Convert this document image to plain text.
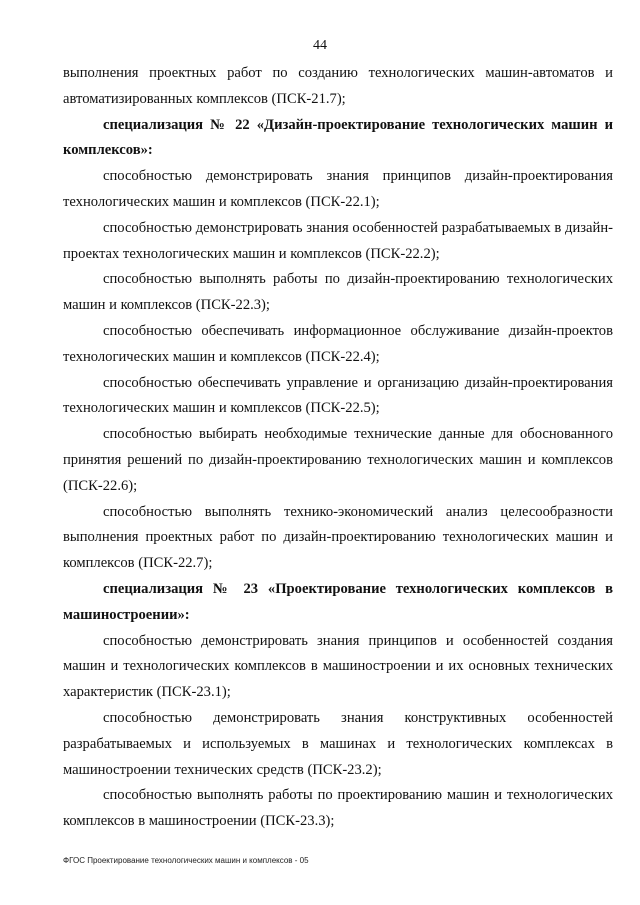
44

выполнения проектных работ по созданию технологических машин-автоматов и автоматизированных комплексов (ПСК-21.7);

специализация № 22 «Дизайн-проектирование технологических машин и комплексов»:

способностью демонстрировать знания принципов дизайн-проектирования технологических машин и комплексов (ПСК-22.1);

способностью демонстрировать знания особенностей разрабатываемых в дизайн-проектах технологических машин и комплексов (ПСК-22.2);

способностью выполнять работы по дизайн-проектированию технологических машин и комплексов (ПСК-22.3);

способностью обеспечивать информационное обслуживание дизайн-проектов технологических машин и комплексов (ПСК-22.4);

способностью обеспечивать управление и организацию дизайн-проектирования технологических машин и комплексов (ПСК-22.5);

способностью выбирать необходимые технические данные для обоснованного принятия решений по дизайн-проектированию технологических машин и комплексов (ПСК-22.6);

способностью выполнять технико-экономический анализ целесообразности выполнения проектных работ по дизайн-проектированию технологических машин и комплексов (ПСК-22.7);

специализация № 23 «Проектирование технологических комплексов в машиностроении»:

способностью демонстрировать знания принципов и особенностей создания машин и технологических комплексов в машиностроении и их основных технических характеристик (ПСК-23.1);

способностью демонстрировать знания конструктивных особенностей разрабатываемых и используемых в машинах и технологических комплексах в машиностроении технических средств (ПСК-23.2);

способностью выполнять работы по проектированию машин и технологических комплексов в машиностроении (ПСК-23.3);

ФГОС Проектирование технологических машин и комплексов - 05
